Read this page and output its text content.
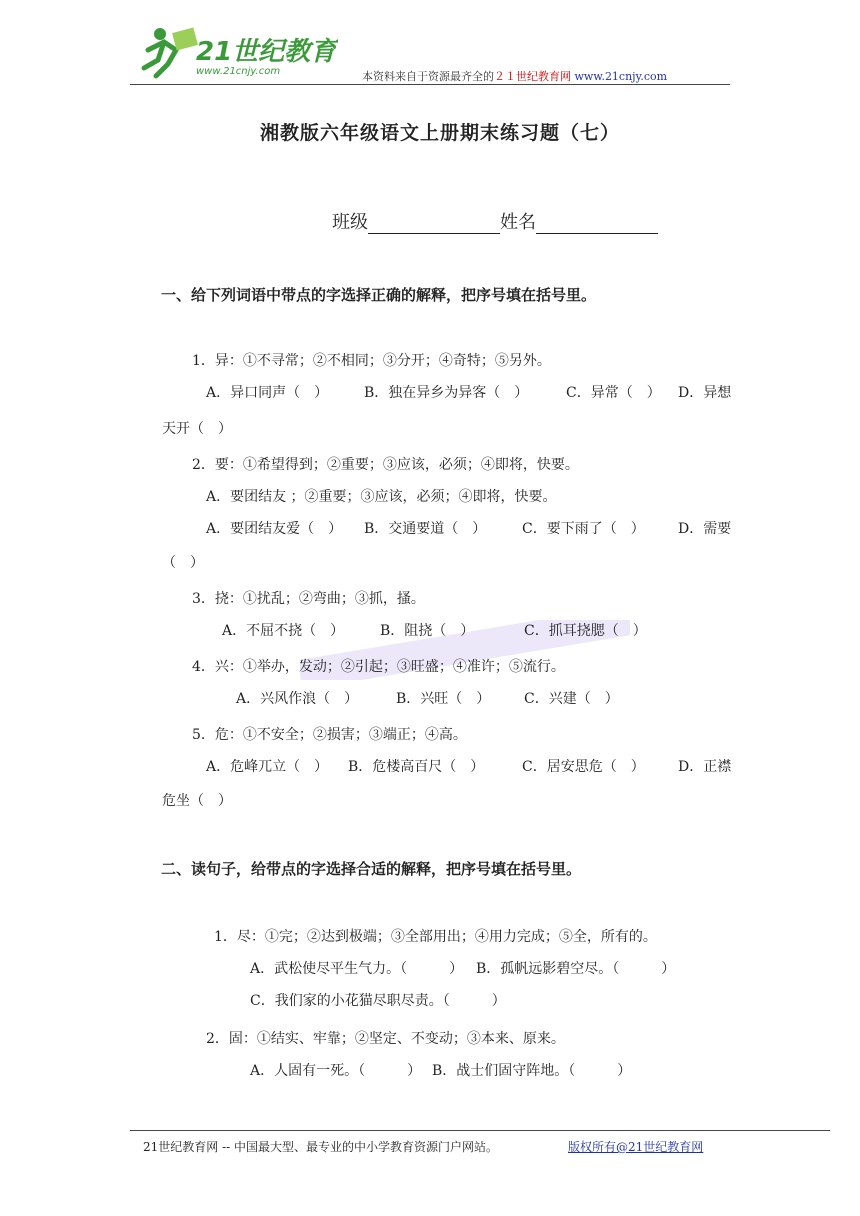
21世纪教育
www.21cnjy.com	本资料来自于资源最齐全的２１世纪教育网 www.21cnjy.com
湘教版六年级语文上册期末练习题（七）
班级	姓名
一、给下列词语中带点的字选择正确的解释，把序号填在括号里。
1．异：①不寻常；②不相同；③分开；④奇特；⑤另外。
A．异口同声（　）	B．独在异乡为异客（　）	C．异常（　） D．异想
天开（　）
2．要：①希望得到；②重要；③应该，必须；④即将，快要。
A．要团结友 ；②重要；③应该，必须；④即将，快要。
A．要团结友爱（　） B．交通要道（　）	C．要下雨了（　） D．需要
（　）
3．挠：①扰乱；②弯曲；③抓，搔。
A．不屈不挠（　）	B．阻挠（　）	C．抓耳挠腮（　）
4．兴：①举办，发动；②引起；③旺盛；④准许；⑤流行。
A．兴风作浪（　）	B．兴旺（　） C．兴建（　）
5．危：①不安全；②损害；③端正；④高。
A．危峰兀立（　） B．危楼高百尺（　）	C．居安思危（　） D．正襟
危坐（　）
二、读句子，给带点的字选择合适的解释，把序号填在括号里。
1．尽：①完；②达到极端；③全部用出；④用力完成；⑤全，所有的。
A．武松使尽平生气力。（　　　） B．孤帆远影碧空尽。（　　　）
C．我们家的小花猫尽职尽责。（　　　）
2．固：①结实、牢靠；②坚定、不变动；③本来、原来。
A．人固有一死。（　　　） B．战士们固守阵地。（　　　）
21世纪教育网 -- 中国最大型、最专业的中小学教育资源门户网站。	版权所有@21世纪教育网
